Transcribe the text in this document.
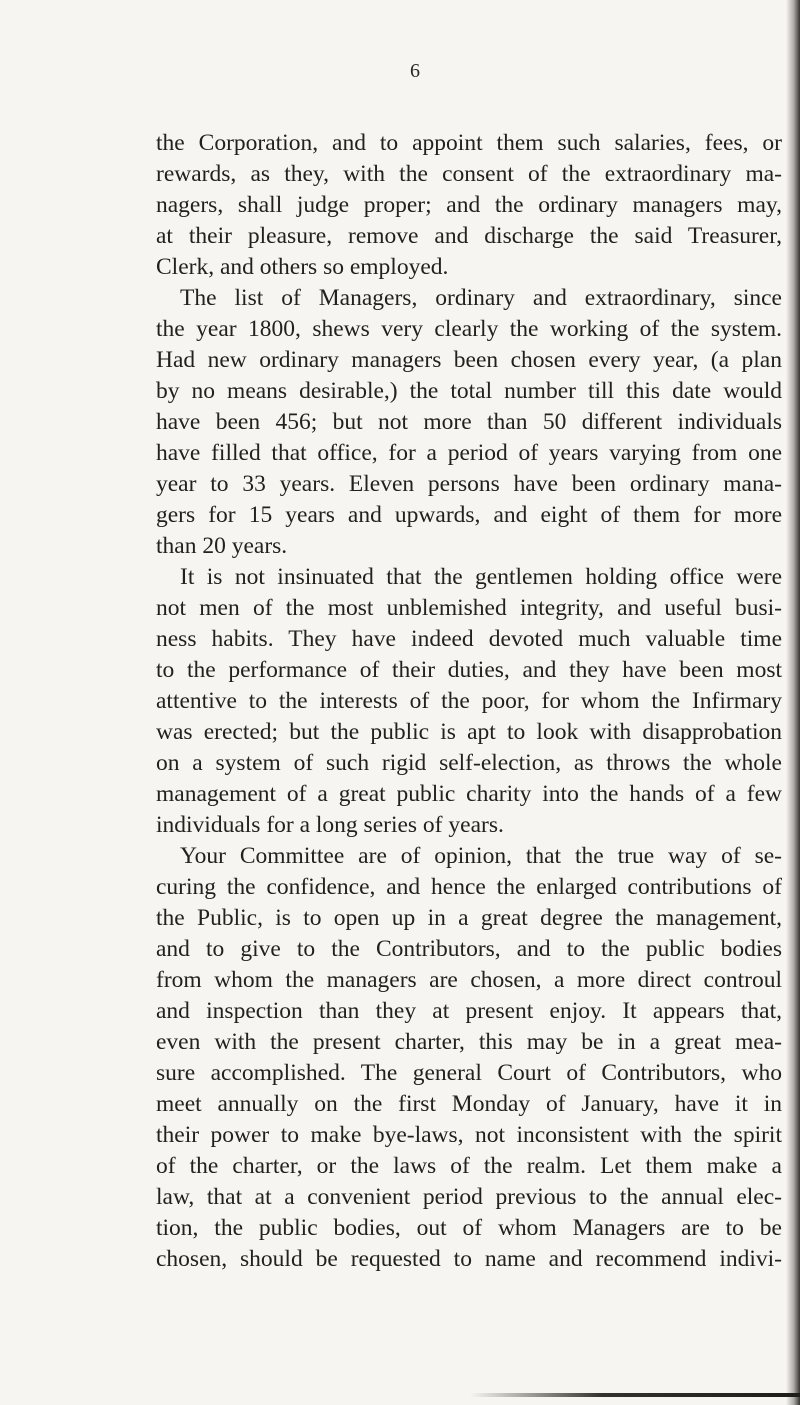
6
the Corporation, and to appoint them such salaries, fees, or
rewards, as they, with the consent of the extraordinary ma-
nagers, shall judge proper; and the ordinary managers may,
at their pleasure, remove and discharge the said Treasurer,
Clerk, and others so employed.
The list of Managers, ordinary and extraordinary, since
the year 1800, shews very clearly the working of the system.
Had new ordinary managers been chosen every year, (a plan
by no means desirable,) the total number till this date would
have been 456; but not more than 50 different individuals
have filled that office, for a period of years varying from one
year to 33 years. Eleven persons have been ordinary mana-
gers for 15 years and upwards, and eight of them for more
than 20 years.
It is not insinuated that the gentlemen holding office were
not men of the most unblemished integrity, and useful busi-
ness habits. They have indeed devoted much valuable time
to the performance of their duties, and they have been most
attentive to the interests of the poor, for whom the Infirmary
was erected; but the public is apt to look with disapprobation
on a system of such rigid self-election, as throws the whole
management of a great public charity into the hands of a few
individuals for a long series of years.
Your Committee are of opinion, that the true way of se-
curing the confidence, and hence the enlarged contributions of
the Public, is to open up in a great degree the management,
and to give to the Contributors, and to the public bodies
from whom the managers are chosen, a more direct controul
and inspection than they at present enjoy. It appears that,
even with the present charter, this may be in a great mea-
sure accomplished. The general Court of Contributors, who
meet annually on the first Monday of January, have it in
their power to make bye-laws, not inconsistent with the spirit
of the charter, or the laws of the realm. Let them make a
law, that at a convenient period previous to the annual elec-
tion, the public bodies, out of whom Managers are to be
chosen, should be requested to name and recommend indivi-
